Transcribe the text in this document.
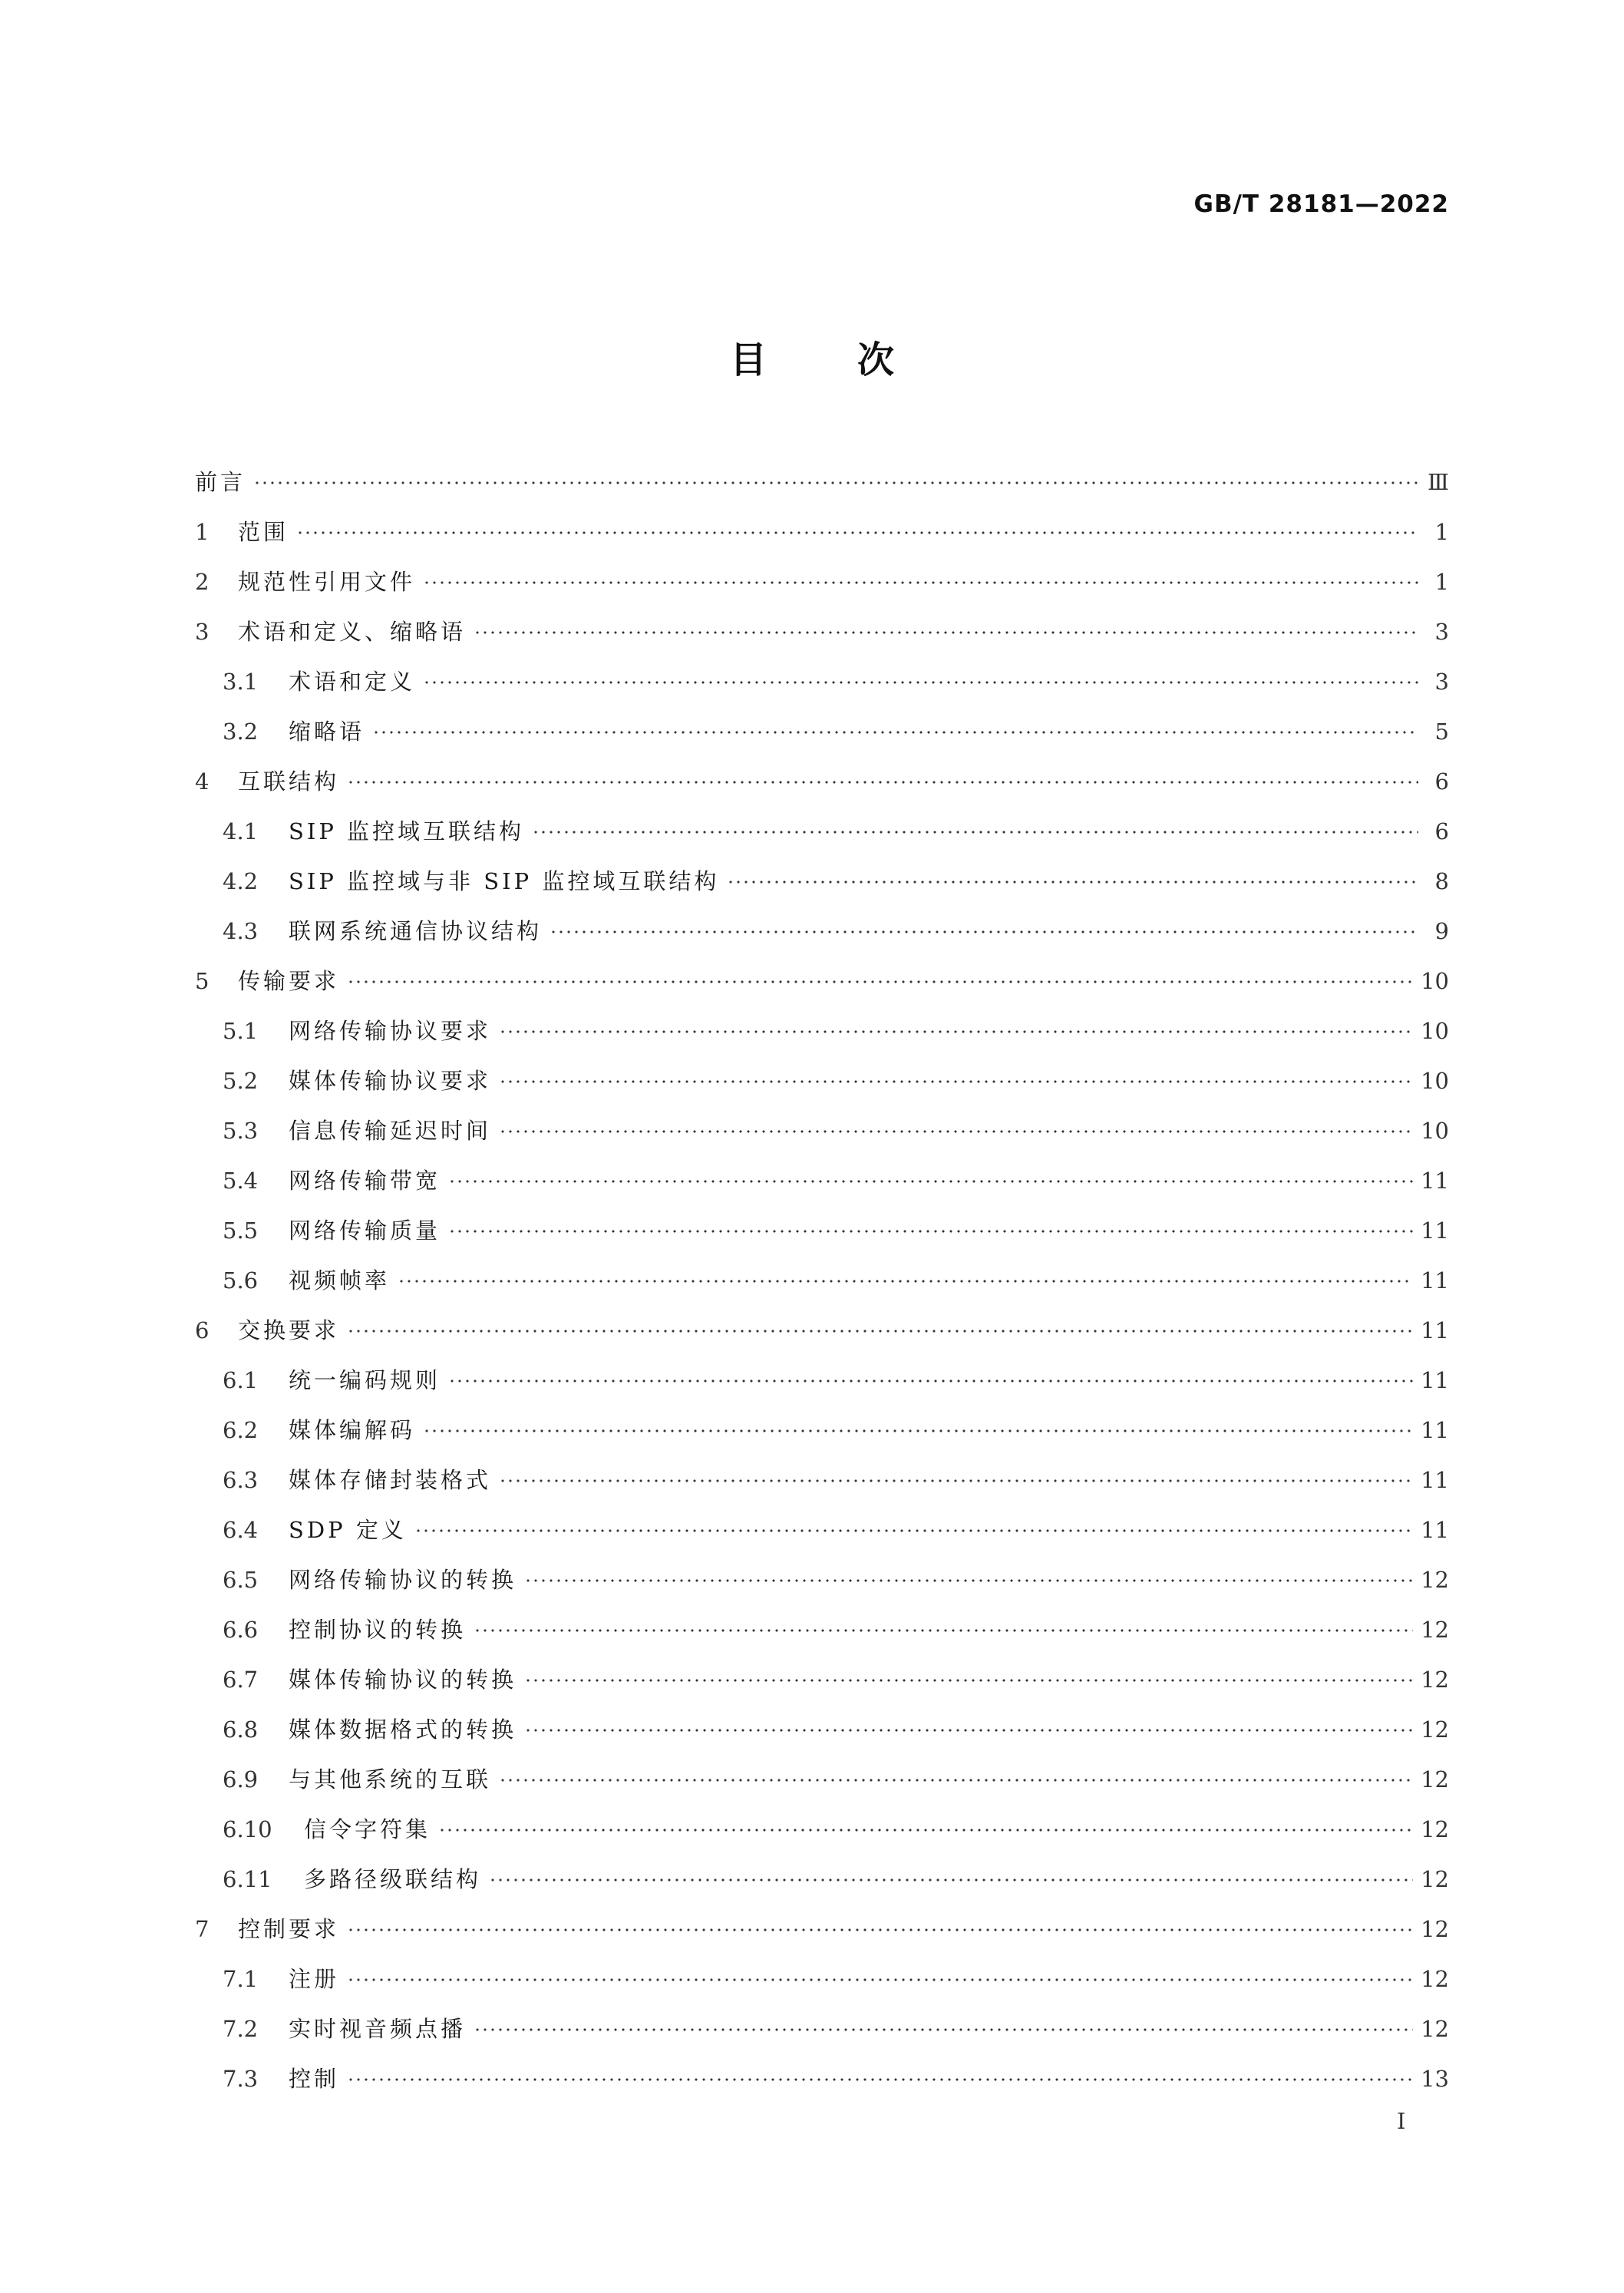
GB/T 28181—2022
目 次
前言	Ⅲ
1	范围	1
2	规范性引用文件	1
3	术语和定义、缩略语	3
3.1	术语和定义	3
3.2	缩略语	5
4	互联结构	6
4.1	SIP 监控域互联结构	6
4.2	SIP 监控域与非 SIP 监控域互联结构	8
4.3	联网系统通信协议结构	9
5	传输要求	10
5.1	网络传输协议要求	10
5.2	媒体传输协议要求	10
5.3	信息传输延迟时间	10
5.4	网络传输带宽	11
5.5	网络传输质量	11
5.6	视频帧率	11
6	交换要求	11
6.1	统一编码规则	11
6.2	媒体编解码	11
6.3	媒体存储封装格式	11
6.4	SDP 定义	11
6.5	网络传输协议的转换	12
6.6	控制协议的转换	12
6.7	媒体传输协议的转换	12
6.8	媒体数据格式的转换	12
6.9	与其他系统的互联	12
6.10	信令字符集	12
6.11	多路径级联结构	12
7	控制要求	12
7.1	注册	12
7.2	实时视音频点播	12
7.3	控制	13
I
